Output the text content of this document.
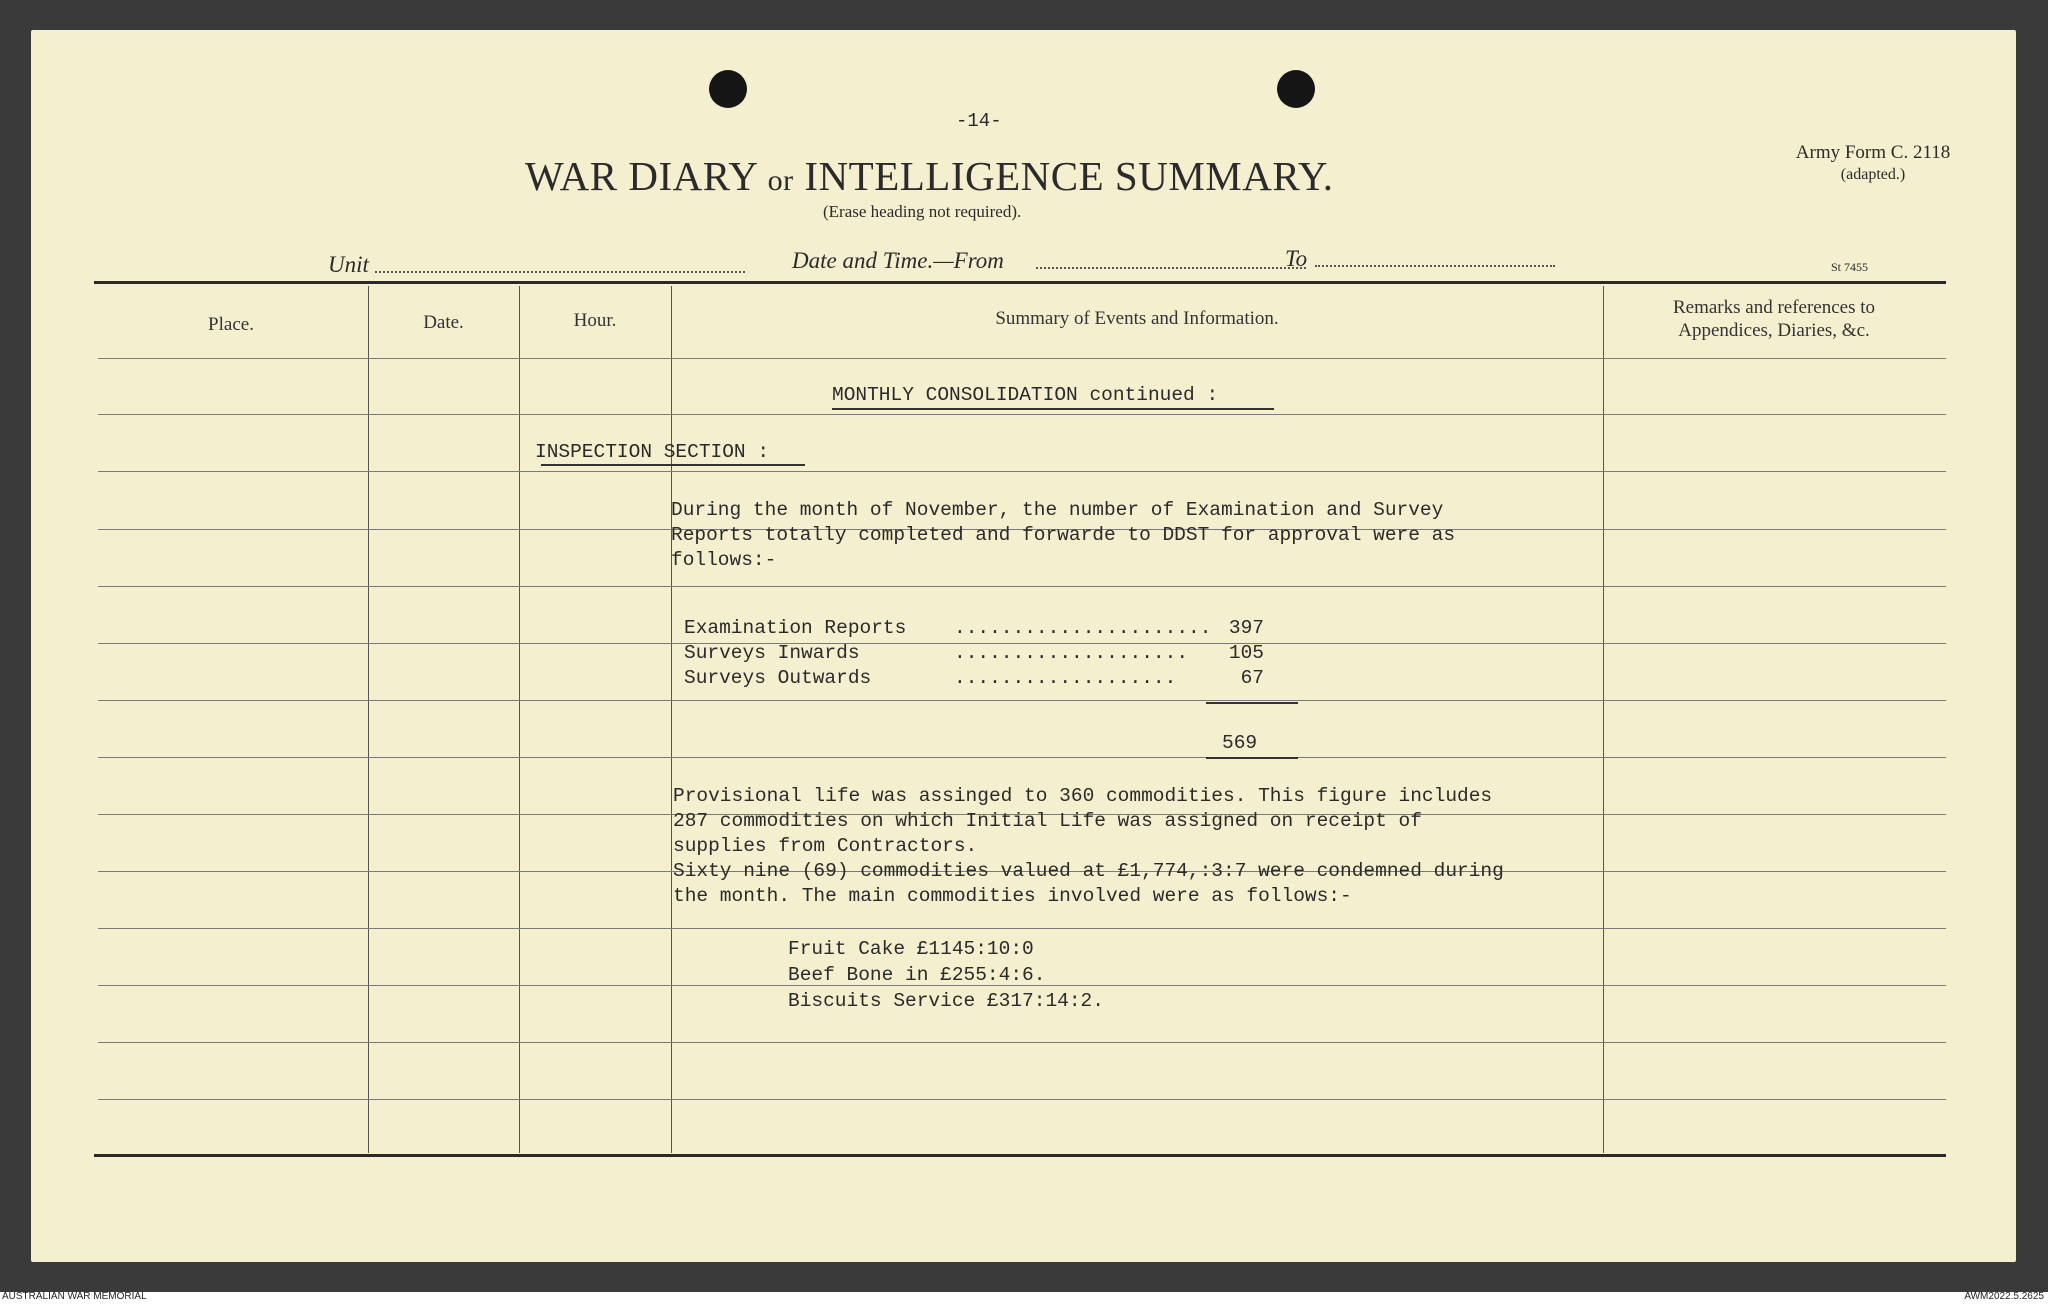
-14-
WAR DIARY or INTELLIGENCE SUMMARY.
(Erase heading not required).
Army Form C. 2118
(adapted.)
Unit	Date and Time.—From	To	St 7455
Place.	Date.	Hour.	Summary of Events and Information.
Remarks and references to
Appendices, Diaries, &c.
MONTHLY CONSOLIDATION continued :
INSPECTION SECTION :
During the month of November, the number of Examination and Survey
Reports totally completed and forwarde to DDST for approval were as
follows:-
Examination Reports ...................... 397
Surveys Inwards	.................... 105
Surveys Outwards	...................	67
569
Provisional life was assinged to 360 commodities. This figure includes
287 commodities on which Initial Life was assigned on receipt of
supplies from Contractors.
Sixty nine (69) commodities valued at £1,774,:3:7 were condemned during
the month. The main commodities involved were as follows:-
Fruit Cake £1145:10:0
Beef Bone in £255:4:6.
Biscuits Service £317:14:2.
AUSTRALIAN WAR MEMORIAL	AWM2022.5.2625
